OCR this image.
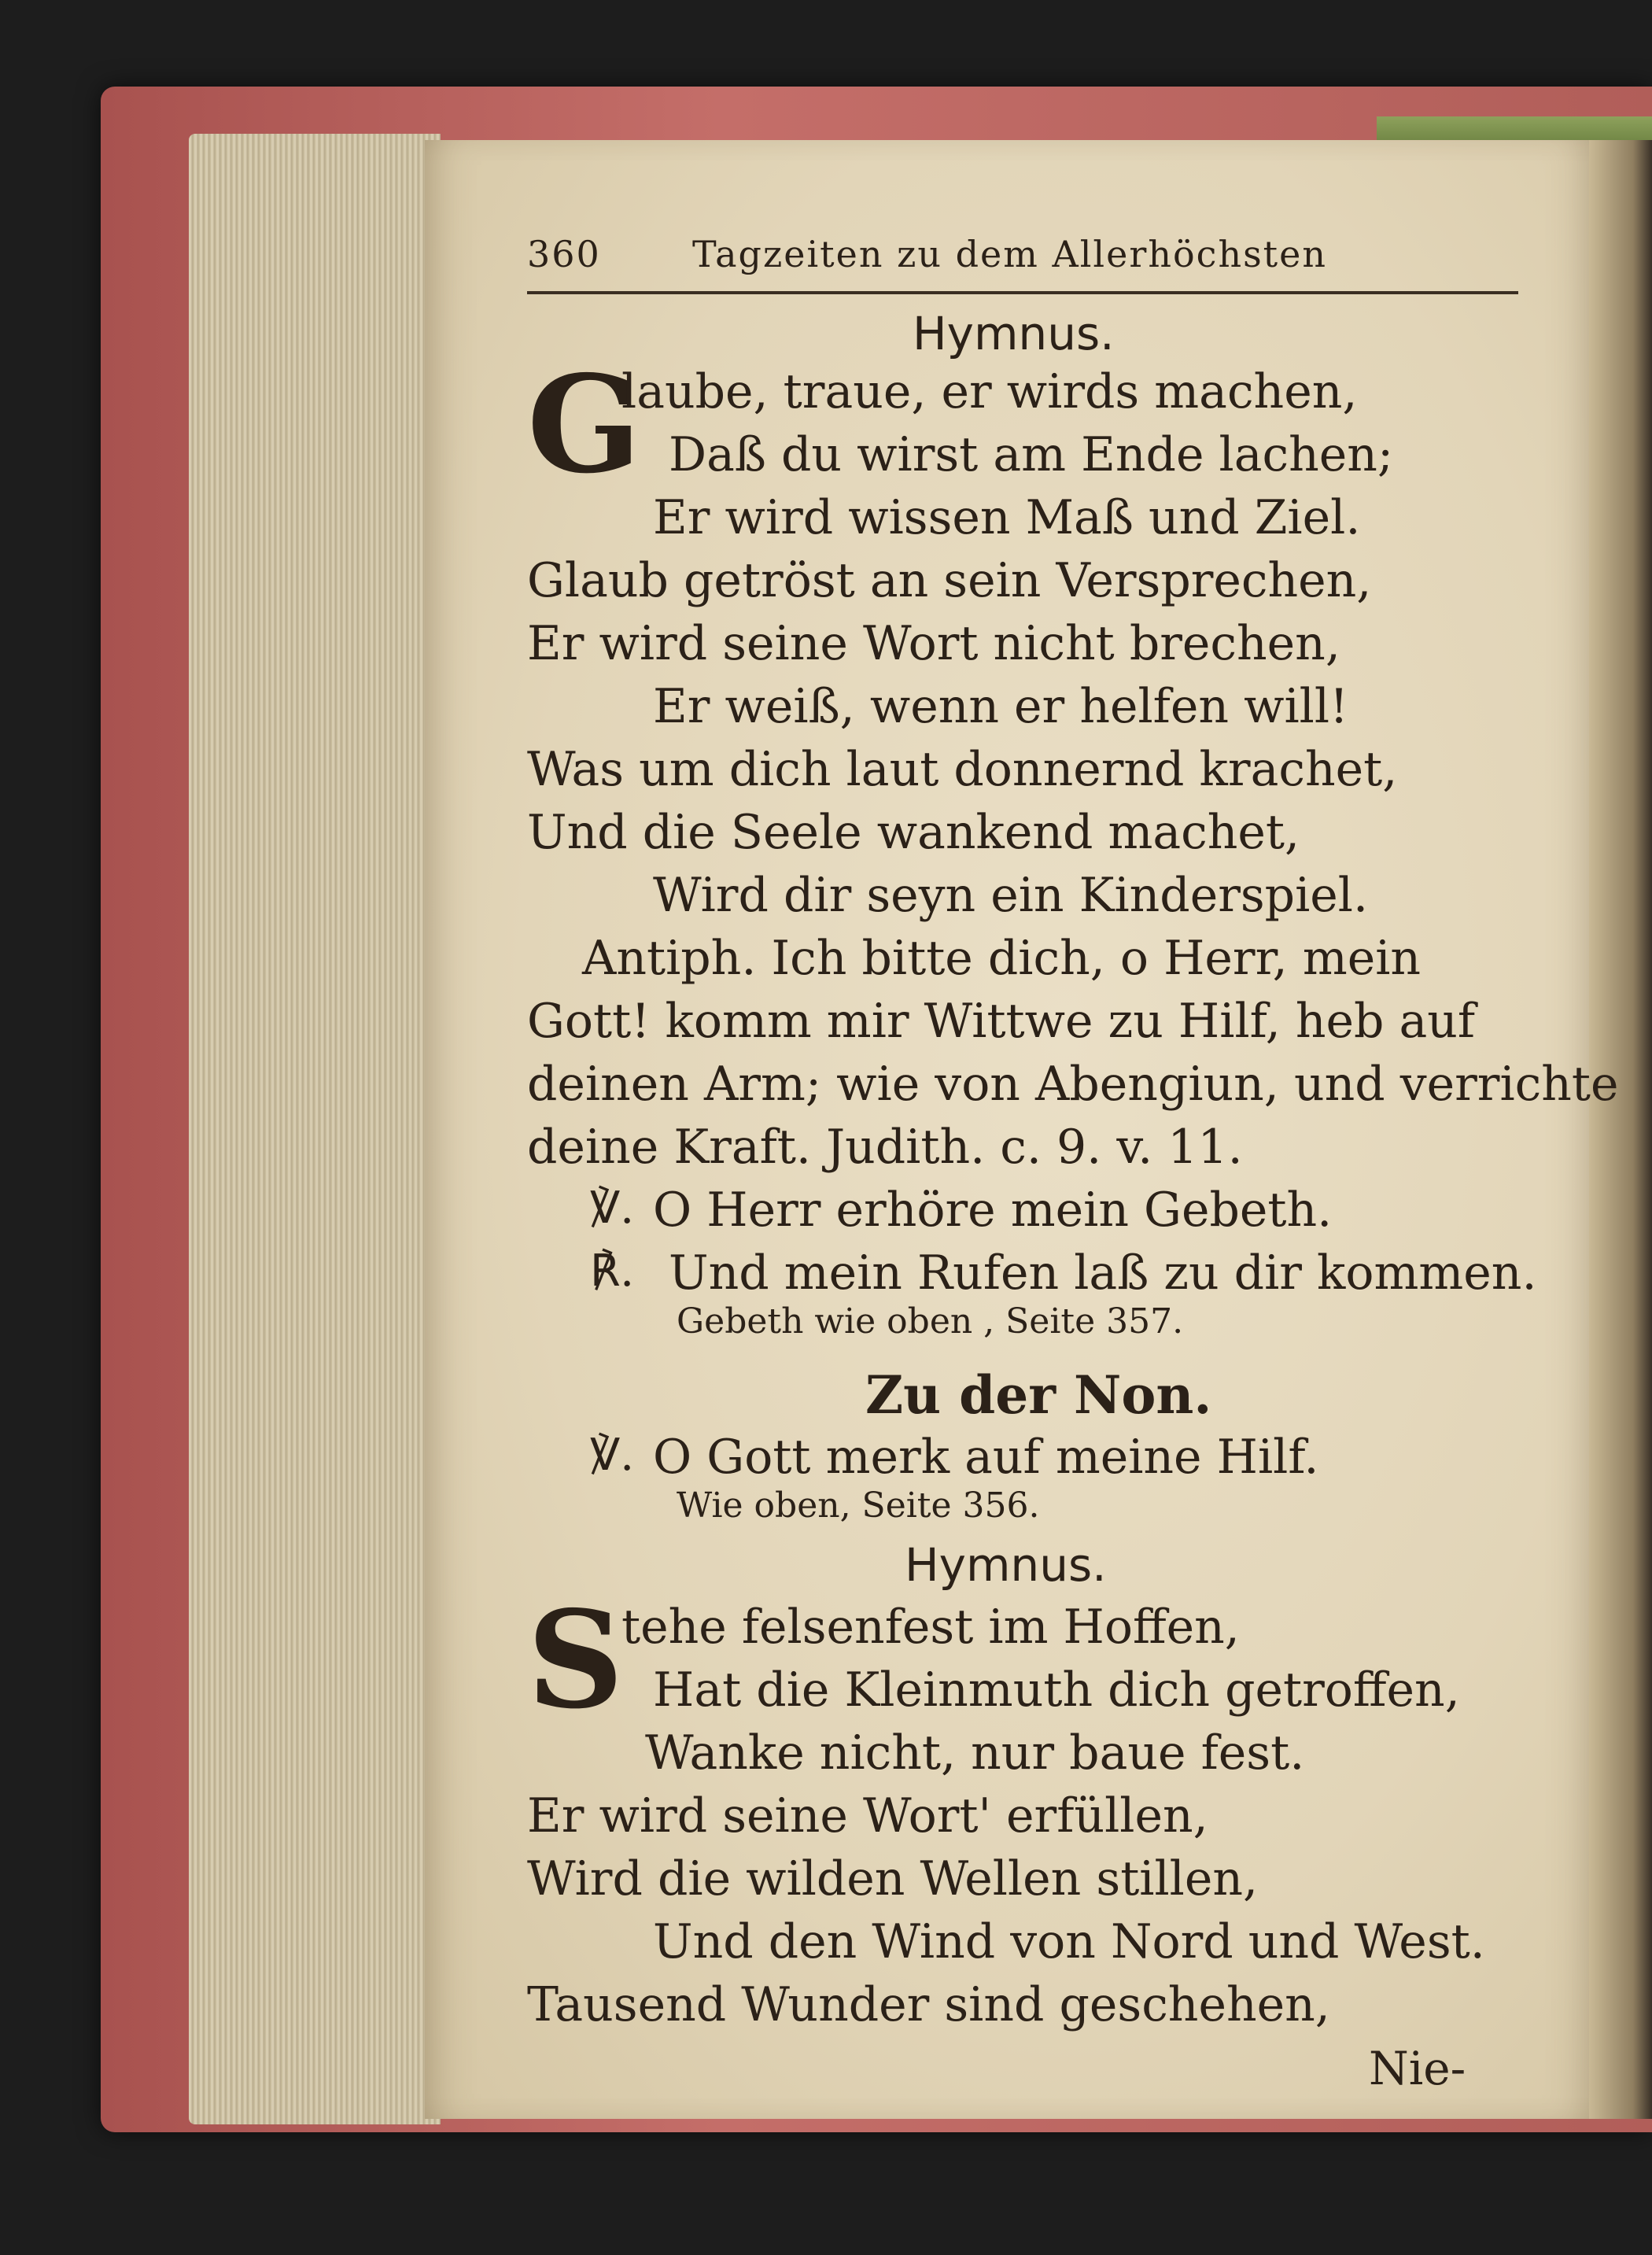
360	Tagzeiten zu dem Allerhöchsten
Hymnus.
G
laube, traue, er wirds machen,
Daß du wirst am Ende lachen;
Er wird wissen Maß und Ziel.
Glaub getröst an sein Versprechen,
Er wird seine Wort nicht brechen,
Er weiß, wenn er helfen will!
Was um dich laut donnernd krachet,
Und die Seele wankend machet,
Wird dir seyn ein Kinderspiel.
Antiph. Ich bitte dich, o Herr, mein
Gott! komm mir Wittwe zu Hilf, heb auf
deinen Arm; wie von Abengiun, und verrichte
deine Kraft. Judith. c. 9. v. 11.
℣. O Herr erhöre mein Gebeth.
℟. Und mein Rufen laß zu dir kommen.
Gebeth wie oben , Seite 357.
Zu der Non.
℣. O Gott merk auf meine Hilf.
Wie oben, Seite 356.
Hymnus.
S
tehe felsenfest im Hoffen,
Hat die Kleinmuth dich getroffen,
Wanke nicht, nur baue fest.
Er wird seine Wort' erfüllen,
Wird die wilden Wellen stillen,
Und den Wind von Nord und West.
Tausend Wunder sind geschehen,
Nie-
